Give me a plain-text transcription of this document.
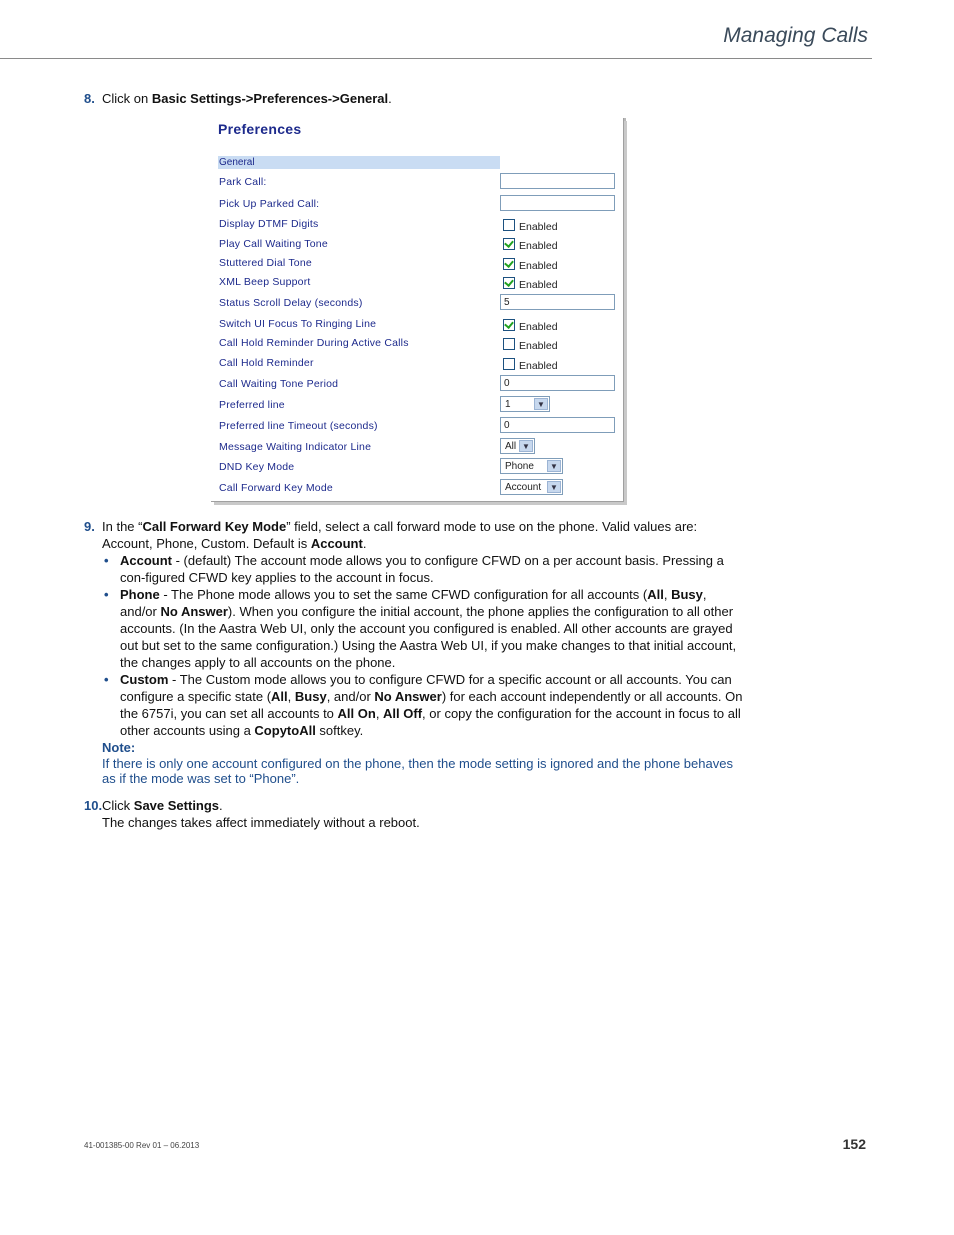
Managing Calls
8. Click on Basic Settings->Preferences->General.
Preferences
General
Park Call:
Pick Up Parked Call:
Display DTMF Digits	Enabled
Play Call Waiting Tone	Enabled
Stuttered Dial Tone	Enabled
XML Beep Support	Enabled
Status Scroll Delay (seconds)	5
Switch UI Focus To Ringing Line	Enabled
Call Hold Reminder During Active Calls	Enabled
Call Hold Reminder	Enabled
Call Waiting Tone Period	0
Preferred line	1	▼
Preferred line Timeout (seconds)	0
Message Waiting Indicator Line	All ▼
DND Key Mode	Phone	▼
Call Forward Key Mode	Account	▼
9. In the “Call Forward Key Mode” field, select a call forward mode to use on the phone. Valid values are: Account, Phone, Custom. Default is Account.
• Account - (default) The account mode allows you to configure CFWD on a per account basis. Pressing a con-figured CFWD key applies to the account in focus.
• Phone - The Phone mode allows you to set the same CFWD configuration for all accounts (All, Busy, and/or No Answer). When you configure the initial account, the phone applies the configuration to all other accounts. (In the Aastra Web UI, only the account you configured is enabled. All other accounts are grayed out but set to the same configuration.) Using the Aastra Web UI, if you make changes to that initial account, the changes apply to all accounts on the phone.
• Custom - The Custom mode allows you to configure CFWD for a specific account or all accounts. You can configure a specific state (All, Busy, and/or No Answer) for each account independently or all accounts. On the 6757i, you can set all accounts to All On, All Off, or copy the configuration for the account in focus to all other accounts using a CopytoAll softkey.
Note:
If there is only one account configured on the phone, then the mode setting is ignored and the phone behaves as if the mode was set to “Phone”.
10. Click Save Settings.
The changes takes affect immediately without a reboot.
41-001385-00 Rev 01 – 06.2013	152
